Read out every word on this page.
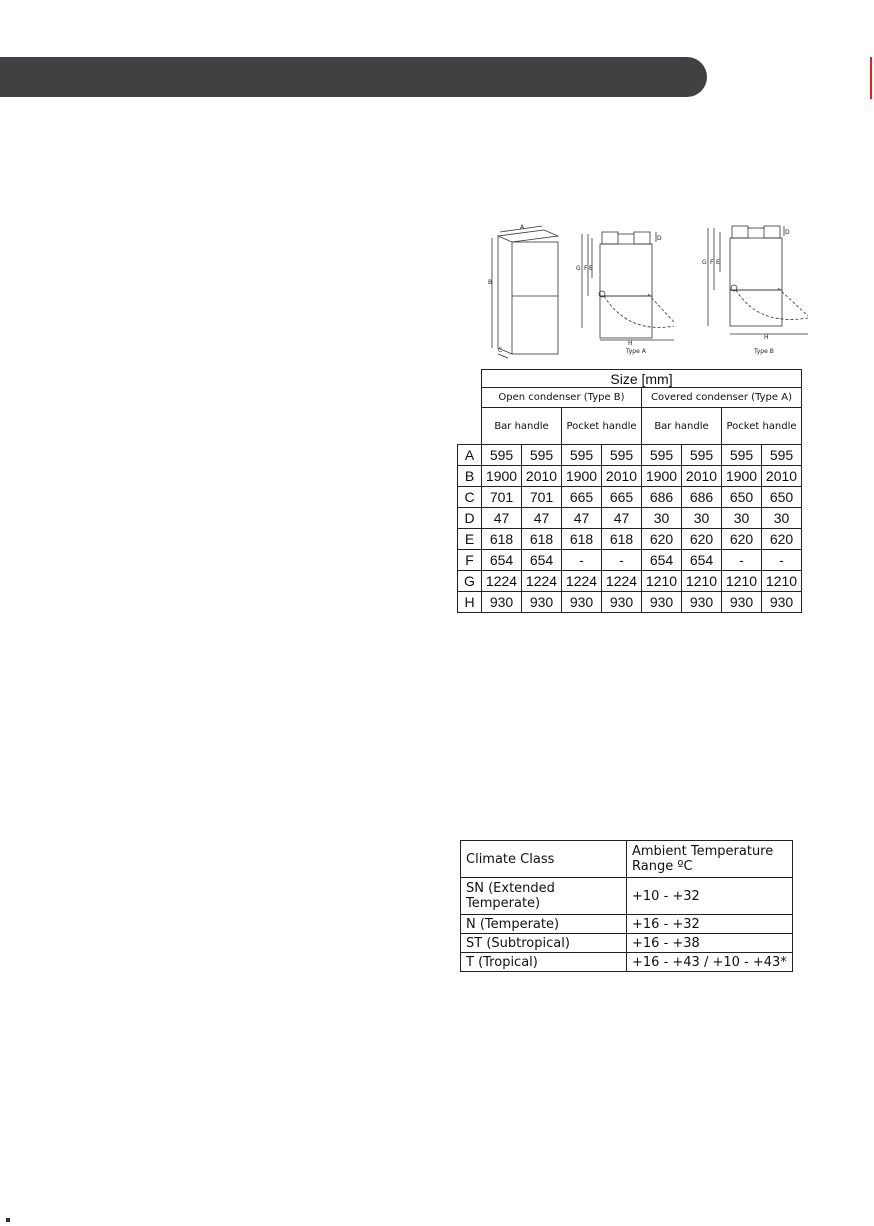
A
B
C
D
G F E
H
Type A
D
G F E
H
Type B
	Size [mm]							
	Open condenser (Type B)				Covered condenser (Type A)			
	Bar handle		Pocket handle		Bar handle		Pocket handle	
A	595	595	595	595	595	595	595	595
B	1900	2010	1900	2010	1900	2010	1900	2010
C	701	701	665	665	686	686	650	650
D	47	47	47	47	30	30	30	30
E	618	618	618	618	620	620	620	620
F	654	654	-	-	654	654	-	-
G	1224	1224	1224	1224	1210	1210	1210	1210
H	930	930	930	930	930	930	930	930
Climate Class	Ambient Temperature Range ºC
SN (Extended Temperate)	+10 - +32
N (Temperate)	+16 - +32
ST (Subtropical)	+16 - +38
T (Tropical)	+16 - +43 / +10 - +43*
